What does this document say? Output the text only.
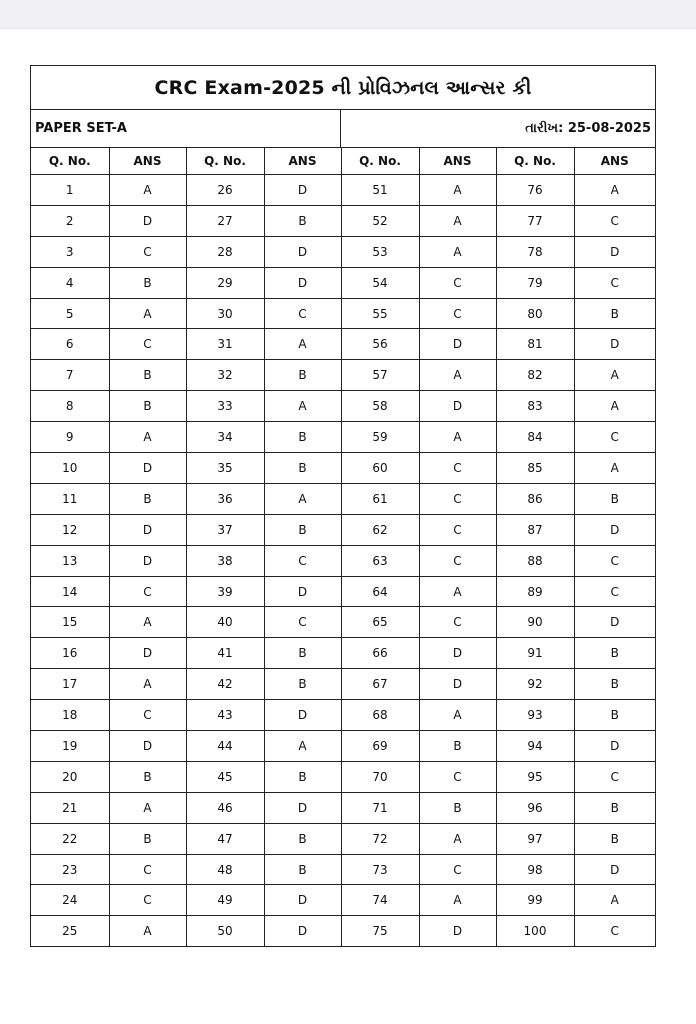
CRC Exam-2025 ની પ્રોવિઝનલ આન્સર કી
PAPER SET-A	તારીખ: 25-08-2025
Q. No.	ANS	Q. No.	ANS	Q. No.	ANS	Q. No.	ANS
1	A	26	D	51	A	76	A
2	D	27	B	52	A	77	C
3	C	28	D	53	A	78	D
4	B	29	D	54	C	79	C
5	A	30	C	55	C	80	B
6	C	31	A	56	D	81	D
7	B	32	B	57	A	82	A
8	B	33	A	58	D	83	A
9	A	34	B	59	A	84	C
10	D	35	B	60	C	85	A
11	B	36	A	61	C	86	B
12	D	37	B	62	C	87	D
13	D	38	C	63	C	88	C
14	C	39	D	64	A	89	C
15	A	40	C	65	C	90	D
16	D	41	B	66	D	91	B
17	A	42	B	67	D	92	B
18	C	43	D	68	A	93	B
19	D	44	A	69	B	94	D
20	B	45	B	70	C	95	C
21	A	46	D	71	B	96	B
22	B	47	B	72	A	97	B
23	C	48	B	73	C	98	D
24	C	49	D	74	A	99	A
25	A	50	D	75	D	100	C
